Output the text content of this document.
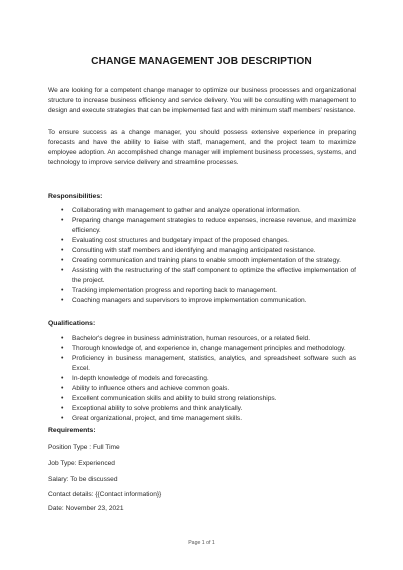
CHANGE MANAGEMENT JOB DESCRIPTION
We are looking for a competent change manager to optimize our business processes and organizational structure to increase business efficiency and service delivery. You will be consulting with management to design and execute strategies that can be implemented fast and with minimum staff members' resistance.
To ensure success as a change manager, you should possess extensive experience in preparing forecasts and have the ability to liaise with staff, management, and the project team to maximize employee adoption. An accomplished change manager will implement business processes, systems, and technology to improve service delivery and streamline processes.
Responsibilities:
• Collaborating with management to gather and analyze operational information.
• Preparing change management strategies to reduce expenses, increase revenue, and maximize efficiency.
• Evaluating cost structures and budgetary impact of the proposed changes.
• Consulting with staff members and identifying and managing anticipated resistance.
• Creating communication and training plans to enable smooth implementation of the strategy.
• Assisting with the restructuring of the staff component to optimize the effective implementation of the project.
• Tracking implementation progress and reporting back to management.
• Coaching managers and supervisors to improve implementation communication.
Qualifications:
• Bachelor's degree in business administration, human resources, or a related field.
• Thorough knowledge of, and experience in, change management principles and methodology.
• Proficiency in business management, statistics, analytics, and spreadsheet software such as Excel.
• In-depth knowledge of models and forecasting.
• Ability to influence others and achieve common goals.
• Excellent communication skills and ability to build strong relationships.
• Exceptional ability to solve problems and think analytically.
• Great organizational, project, and time management skills.
Requirements:
Position Type : Full Time
Job Type: Experienced
Salary: To be discussed
Contact details: {{Contact information}}
Date: November 23, 2021
Page 1 of 1
